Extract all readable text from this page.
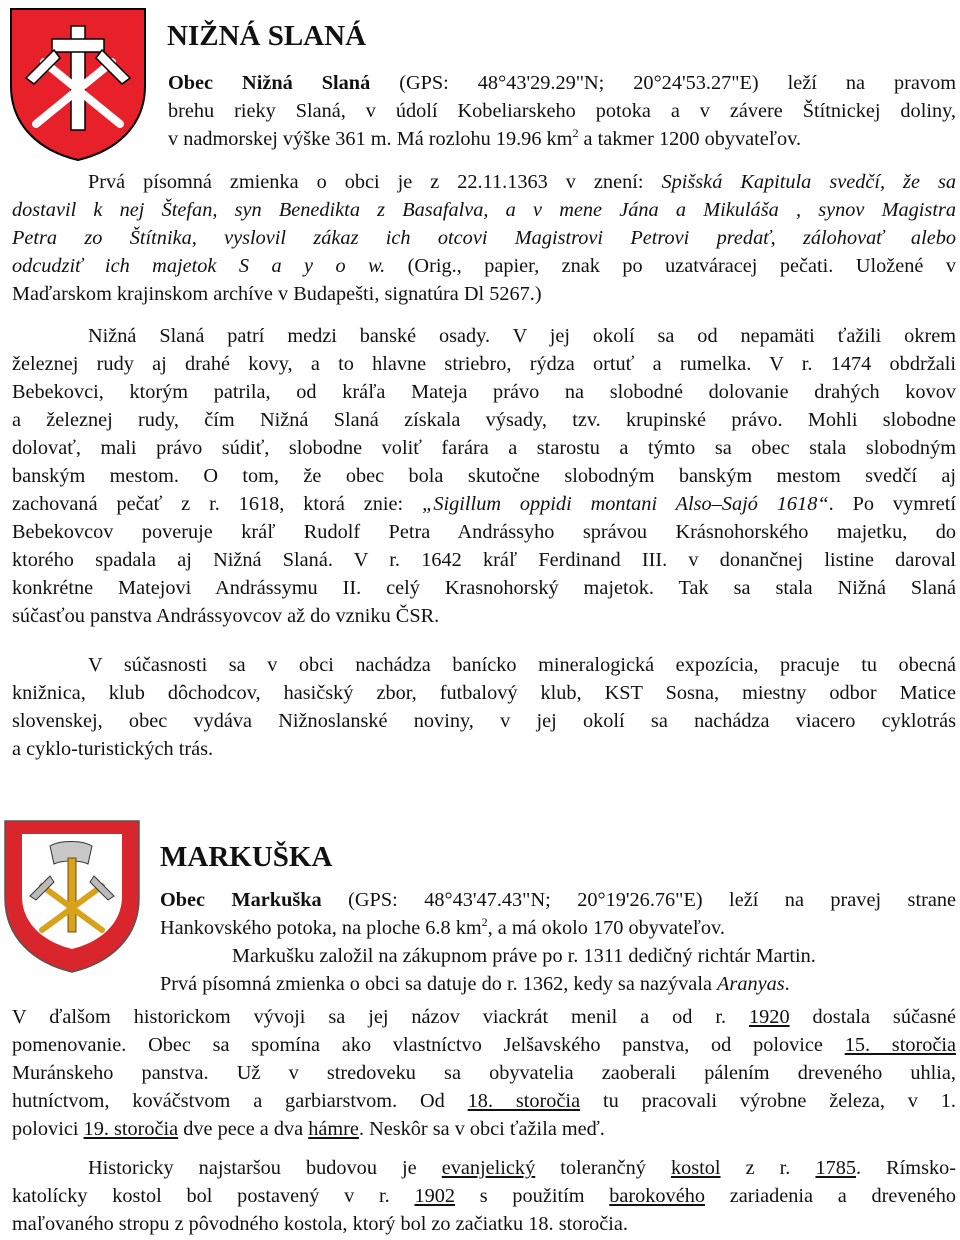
NIŽNÁ SLANÁ

Obec Nižná Slaná (GPS: 48°43'29.29"N; 20°24'53.27"E) leží na pravom
brehu rieky Slaná, v údolí Kobeliarskeho potoka a v závere Štítnickej doliny,
v nadmorskej výške 361 m. Má rozlohu 19.96 $km^2$ a takmer 1200 obyvateľov.

Prvá písomná zmienka o obci je z 22.11.1363 v znení: Spišská Kapitula svedčí, že sa
dostavil k nej Štefan, syn Benedikta z Basafalva, a v mene Jána a Mikuláša , synov Magistra
Petra zo Štítnika, vyslovil zákaz ich otcovi Magistrovi Petrovi predať, zálohovať alebo
odcudziť ich majetok S a y o w. (Orig., papier, znak po uzatváracej pečati. Uložené v
Maďarskom krajinskom archíve v Budapešti, signatúra Dl 5267.)

Nižná Slaná patrí medzi banské osady. V jej okolí sa od nepamäti ťažili okrem
železnej rudy aj drahé kovy, a to hlavne striebro, rýdza ortuť a rumelka. V r. 1474 obdržali
Bebekovci, ktorým patrila, od kráľa Mateja právo na slobodné dolovanie drahých kovov
a železnej rudy, čím Nižná Slaná získala výsady, tzv. krupinské právo. Mohli slobodne
dolovať, mali právo súdiť, slobodne voliť farára a starostu a týmto sa obec stala slobodným
banským mestom. O tom, že obec bola skutočne slobodným banským mestom svedčí aj
zachovaná pečať z r. 1618, ktorá znie: „Sigillum oppidi montani Also–Sajó 1618“. Po vymretí
Bebekovcov poveruje kráľ Rudolf Petra Andrássyho správou Krásnohorského majetku, do
ktorého spadala aj Nižná Slaná. V r. 1642 kráľ Ferdinand III. v donančnej listine daroval
konkrétne Matejovi Andrássymu II. celý Krasnohorský majetok. Tak sa stala Nižná Slaná
súčasťou panstva Andrássyovcov až do vzniku ČSR.

V súčasnosti sa v obci nachádza banícko mineralogická expozícia, pracuje tu obecná
knižnica, klub dôchodcov, hasičský zbor, futbalový klub, KST Sosna, miestny odbor Matice
slovenskej, obec vydáva Nižnoslanské noviny, v jej okolí sa nachádza viacero cyklotrás
a cyklo-turistických trás.

MARKUŠKA

Obec Markuška (GPS: 48°43'47.43"N; 20°19'26.76"E) leží na pravej strane
Hankovského potoka, na ploche 6.8 $km^2$, a má okolo 170 obyvateľov.
Markušku založil na zákupnom práve po r. 1311 dedičný richtár Martin.
Prvá písomná zmienka o obci sa datuje do r. 1362, kedy sa nazývala Aranyas.

V ďalšom historickom vývoji sa jej názov viackrát menil a od r. 1920 dostala súčasné
pomenovanie. Obec sa spomína ako vlastníctvo Jelšavského panstva, od polovice 15. storočia
Muránskeho panstva. Už v stredoveku sa obyvatelia zaoberali pálením dreveného uhlia,
hutníctvom, kováčstvom a garbiarstvom. Od 18. storočia tu pracovali výrobne železa, v 1.
polovici 19. storočia dve pece a dva hámre. Neskôr sa v obci ťažila meď.

Historicky najstaršou budovou je evanjelický tolerančný kostol z r. 1785. Rímsko-
katolícky kostol bol postavený v r. 1902 s použitím barokového zariadenia a dreveného
maľovaného stropu z pôvodného kostola, ktorý bol zo začiatku 18. storočia.
